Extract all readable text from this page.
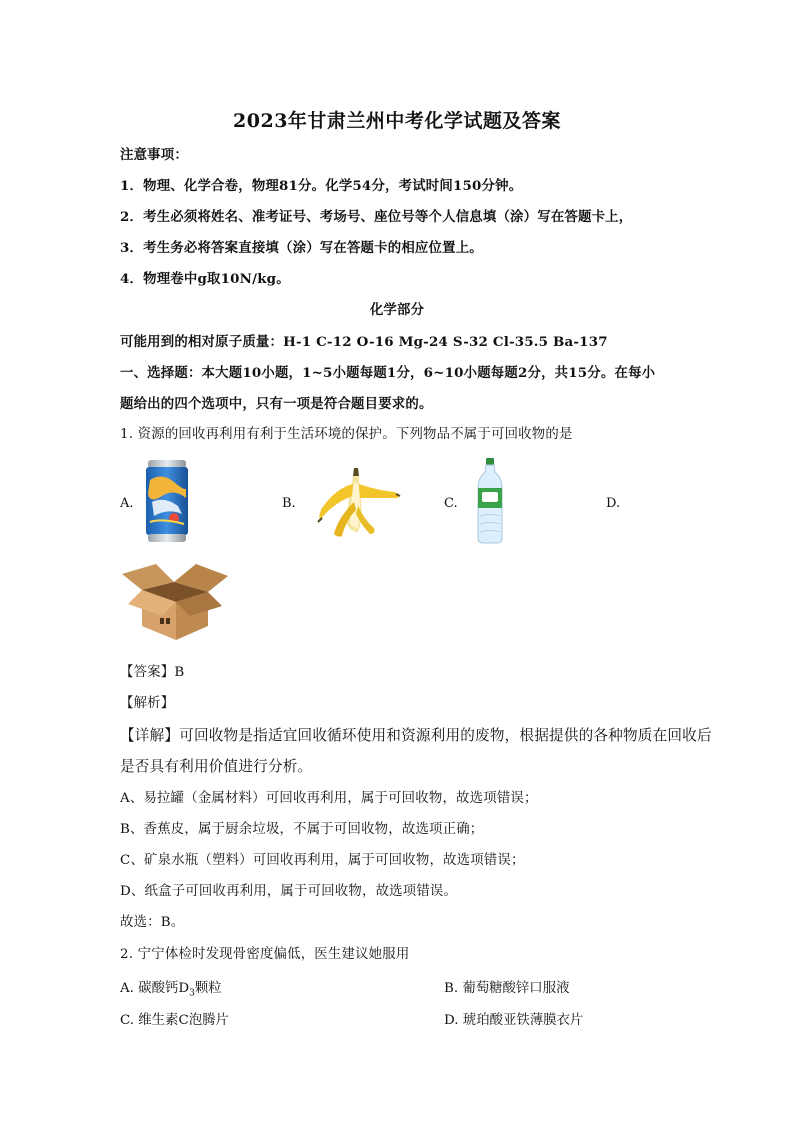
2023年甘肃兰州中考化学试题及答案
注意事项：
1．物理、化学合卷，物理81分。化学54分，考试时间150分钟。
2．考生必须将姓名、准考证号、考场号、座位号等个人信息填（涂）写在答题卡上，
3．考生务必将答案直接填（涂）写在答题卡的相应位置上。
4．物理卷中g取10N/kg。
化学部分
可能用到的相对原子质量：H-1 C-12 O-16 Mg-24 S-32 Cl-35.5 Ba-137
一、选择题：本大题10小题，1~5小题每题1分，6~10小题每题2分，共15分。在每小
题给出的四个选项中，只有一项是符合题目要求的。
1. 资源的回收再利用有利于生活环境的保护。下列物品不属于可回收物的是
A.	B.	C.	D.
【答案】B
【解析】
【详解】可回收物是指适宜回收循环使用和资源利用的废物，根据提供的各种物质在回收后
是否具有利用价值进行分析。
A、易拉罐（金属材料）可回收再利用，属于可回收物，故选项错误；
B、香蕉皮，属于厨余垃圾，不属于可回收物，故选项正确；
C、矿泉水瓶（塑料）可回收再利用，属于可回收物，故选项错误；
D、纸盒子可回收再利用，属于可回收物，故选项错误。
故选：B。
2. 宁宁体检时发现骨密度偏低，医生建议她服用
A. 碳酸钙$D_3$颗粒	B. 葡萄糖酸锌口服液
C. 维生素C泡腾片	D. 琥珀酸亚铁薄膜衣片
